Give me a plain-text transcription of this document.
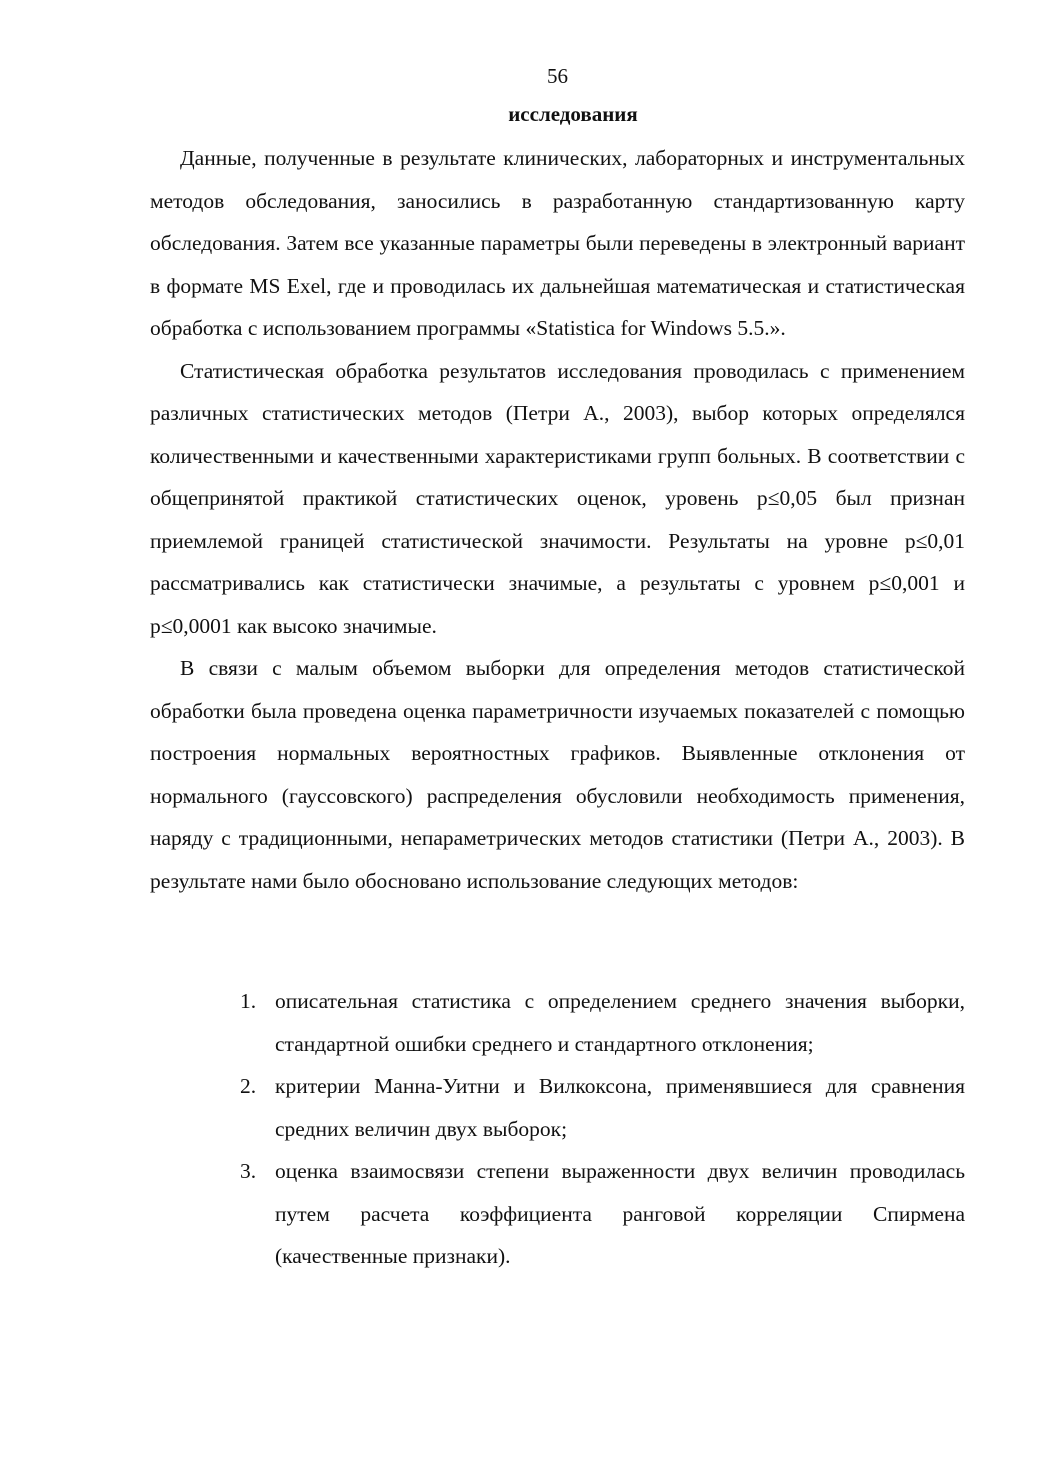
56
исследования

Данные, полученные в результате клинических, лабораторных и инструментальных методов обследования, заносились в разработанную стандартизованную карту обследования. Затем все указанные параметры были переведены в электронный вариант в формате MS Exel, где и проводилась их дальнейшая математическая и статистическая обработка с использованием программы «Statistica for Windows 5.5.».

Статистическая обработка результатов исследования проводилась с применением различных статистических методов (Петри А., 2003), выбор которых определялся количественными и качественными характеристиками групп больных. В соответствии с общепринятой практикой статистических оценок, уровень p≤0,05 был признан приемлемой границей статистической значимости. Результаты на уровне p≤0,01 рассматривались как статистически значимые, а результаты с уровнем p≤0,001 и p≤0,0001 как высоко значимые.

В связи с малым объемом выборки для определения методов статистической обработки была проведена оценка параметричности изучаемых показателей с помощью построения нормальных вероятностных графиков. Выявленные отклонения от нормального (гауссовского) распределения обусловили необходимость применения, наряду с традиционными, непараметрических методов статистики (Петри А., 2003). В результате нами было обосновано использование следующих методов:

1. описательная статистика с определением среднего значения выборки, стандартной ошибки среднего и стандартного отклонения;
2. критерии Манна-Уитни и Вилкоксона, применявшиеся для сравнения средних величин двух выборок;
3. оценка взаимосвязи степени выраженности двух величин проводилась путем расчета коэффициента ранговой корреляции Спирмена (качественные признаки).
